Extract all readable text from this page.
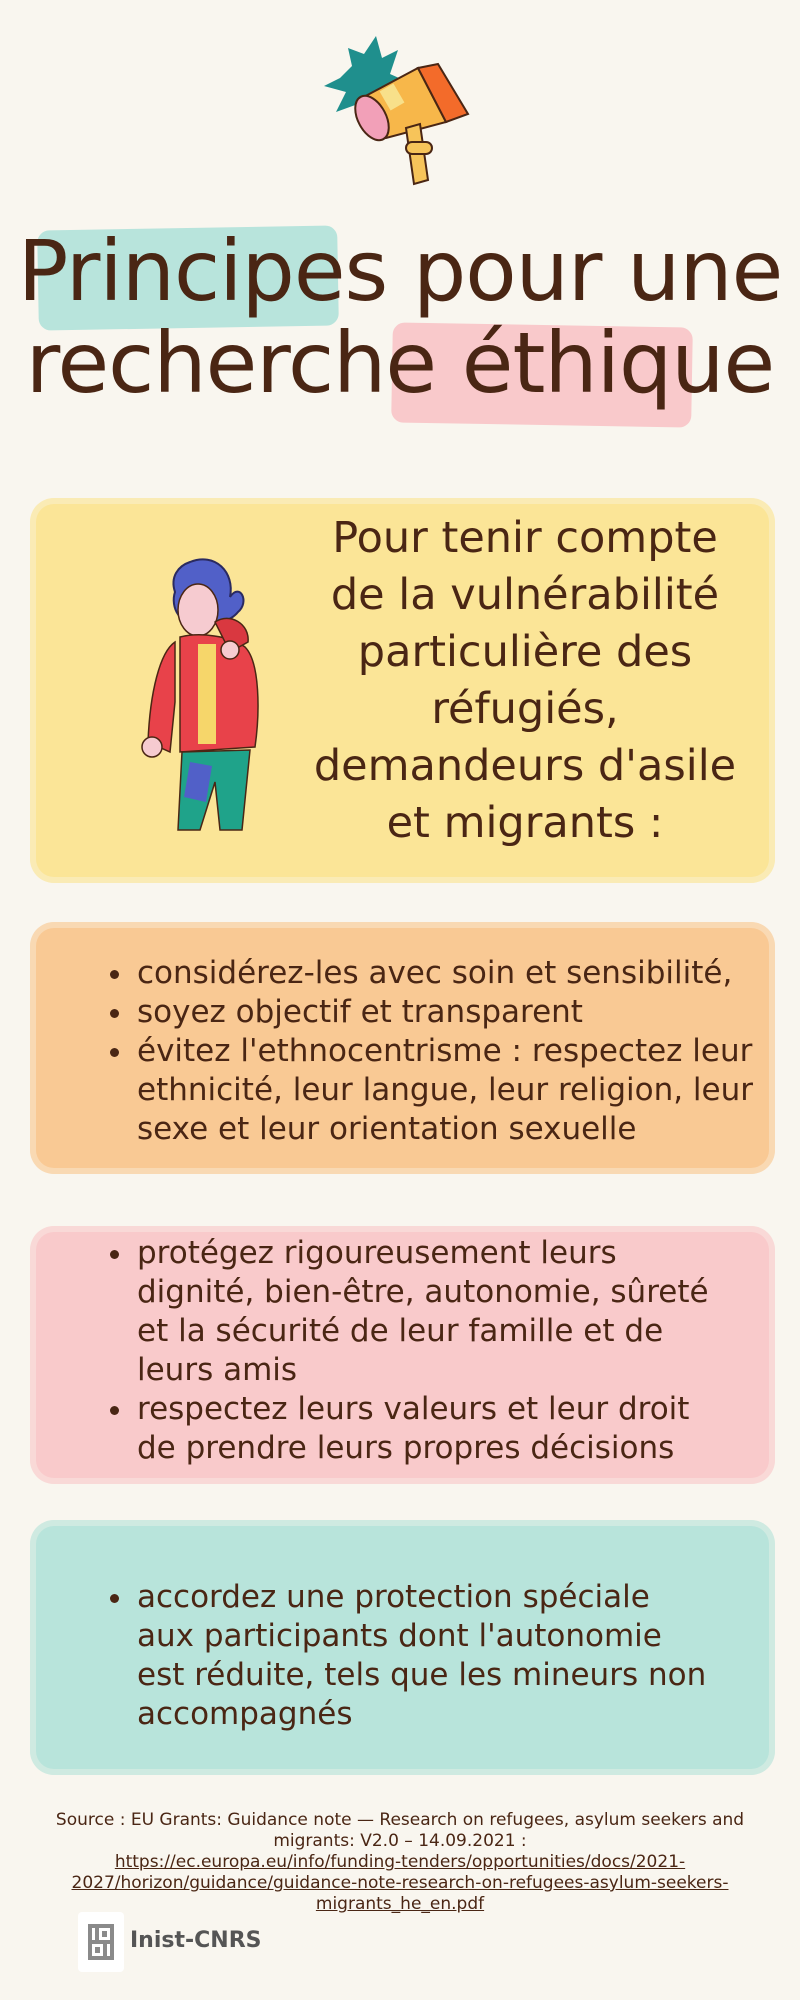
Principes pour une
recherche éthique
Pour tenir compte de la vulnérabilité particulière des réfugiés, demandeurs d'asile et migrants :
considérez-les avec soin et sensibilité,
soyez objectif et transparent
évitez l'ethnocentrisme : respectez leur ethnicité, leur langue, leur religion, leur sexe et leur orientation sexuelle
protégez rigoureusement leurs dignité, bien-être, autonomie, sûreté et la sécurité de leur famille et de leurs amis
respectez leurs valeurs et leur droit de prendre leurs propres décisions
accordez une protection spéciale aux participants dont l'autonomie est réduite, tels que les mineurs non accompagnés
Source : EU Grants: Guidance note — Research on refugees, asylum seekers and migrants: V2.0 – 14.09.2021 :
https://ec.europa.eu/info/funding-tenders/opportunities/docs/2021-2027/horizon/guidance/guidance-note-research-on-refugees-asylum-seekers-migrants_he_en.pdf
Inist-CNRS
